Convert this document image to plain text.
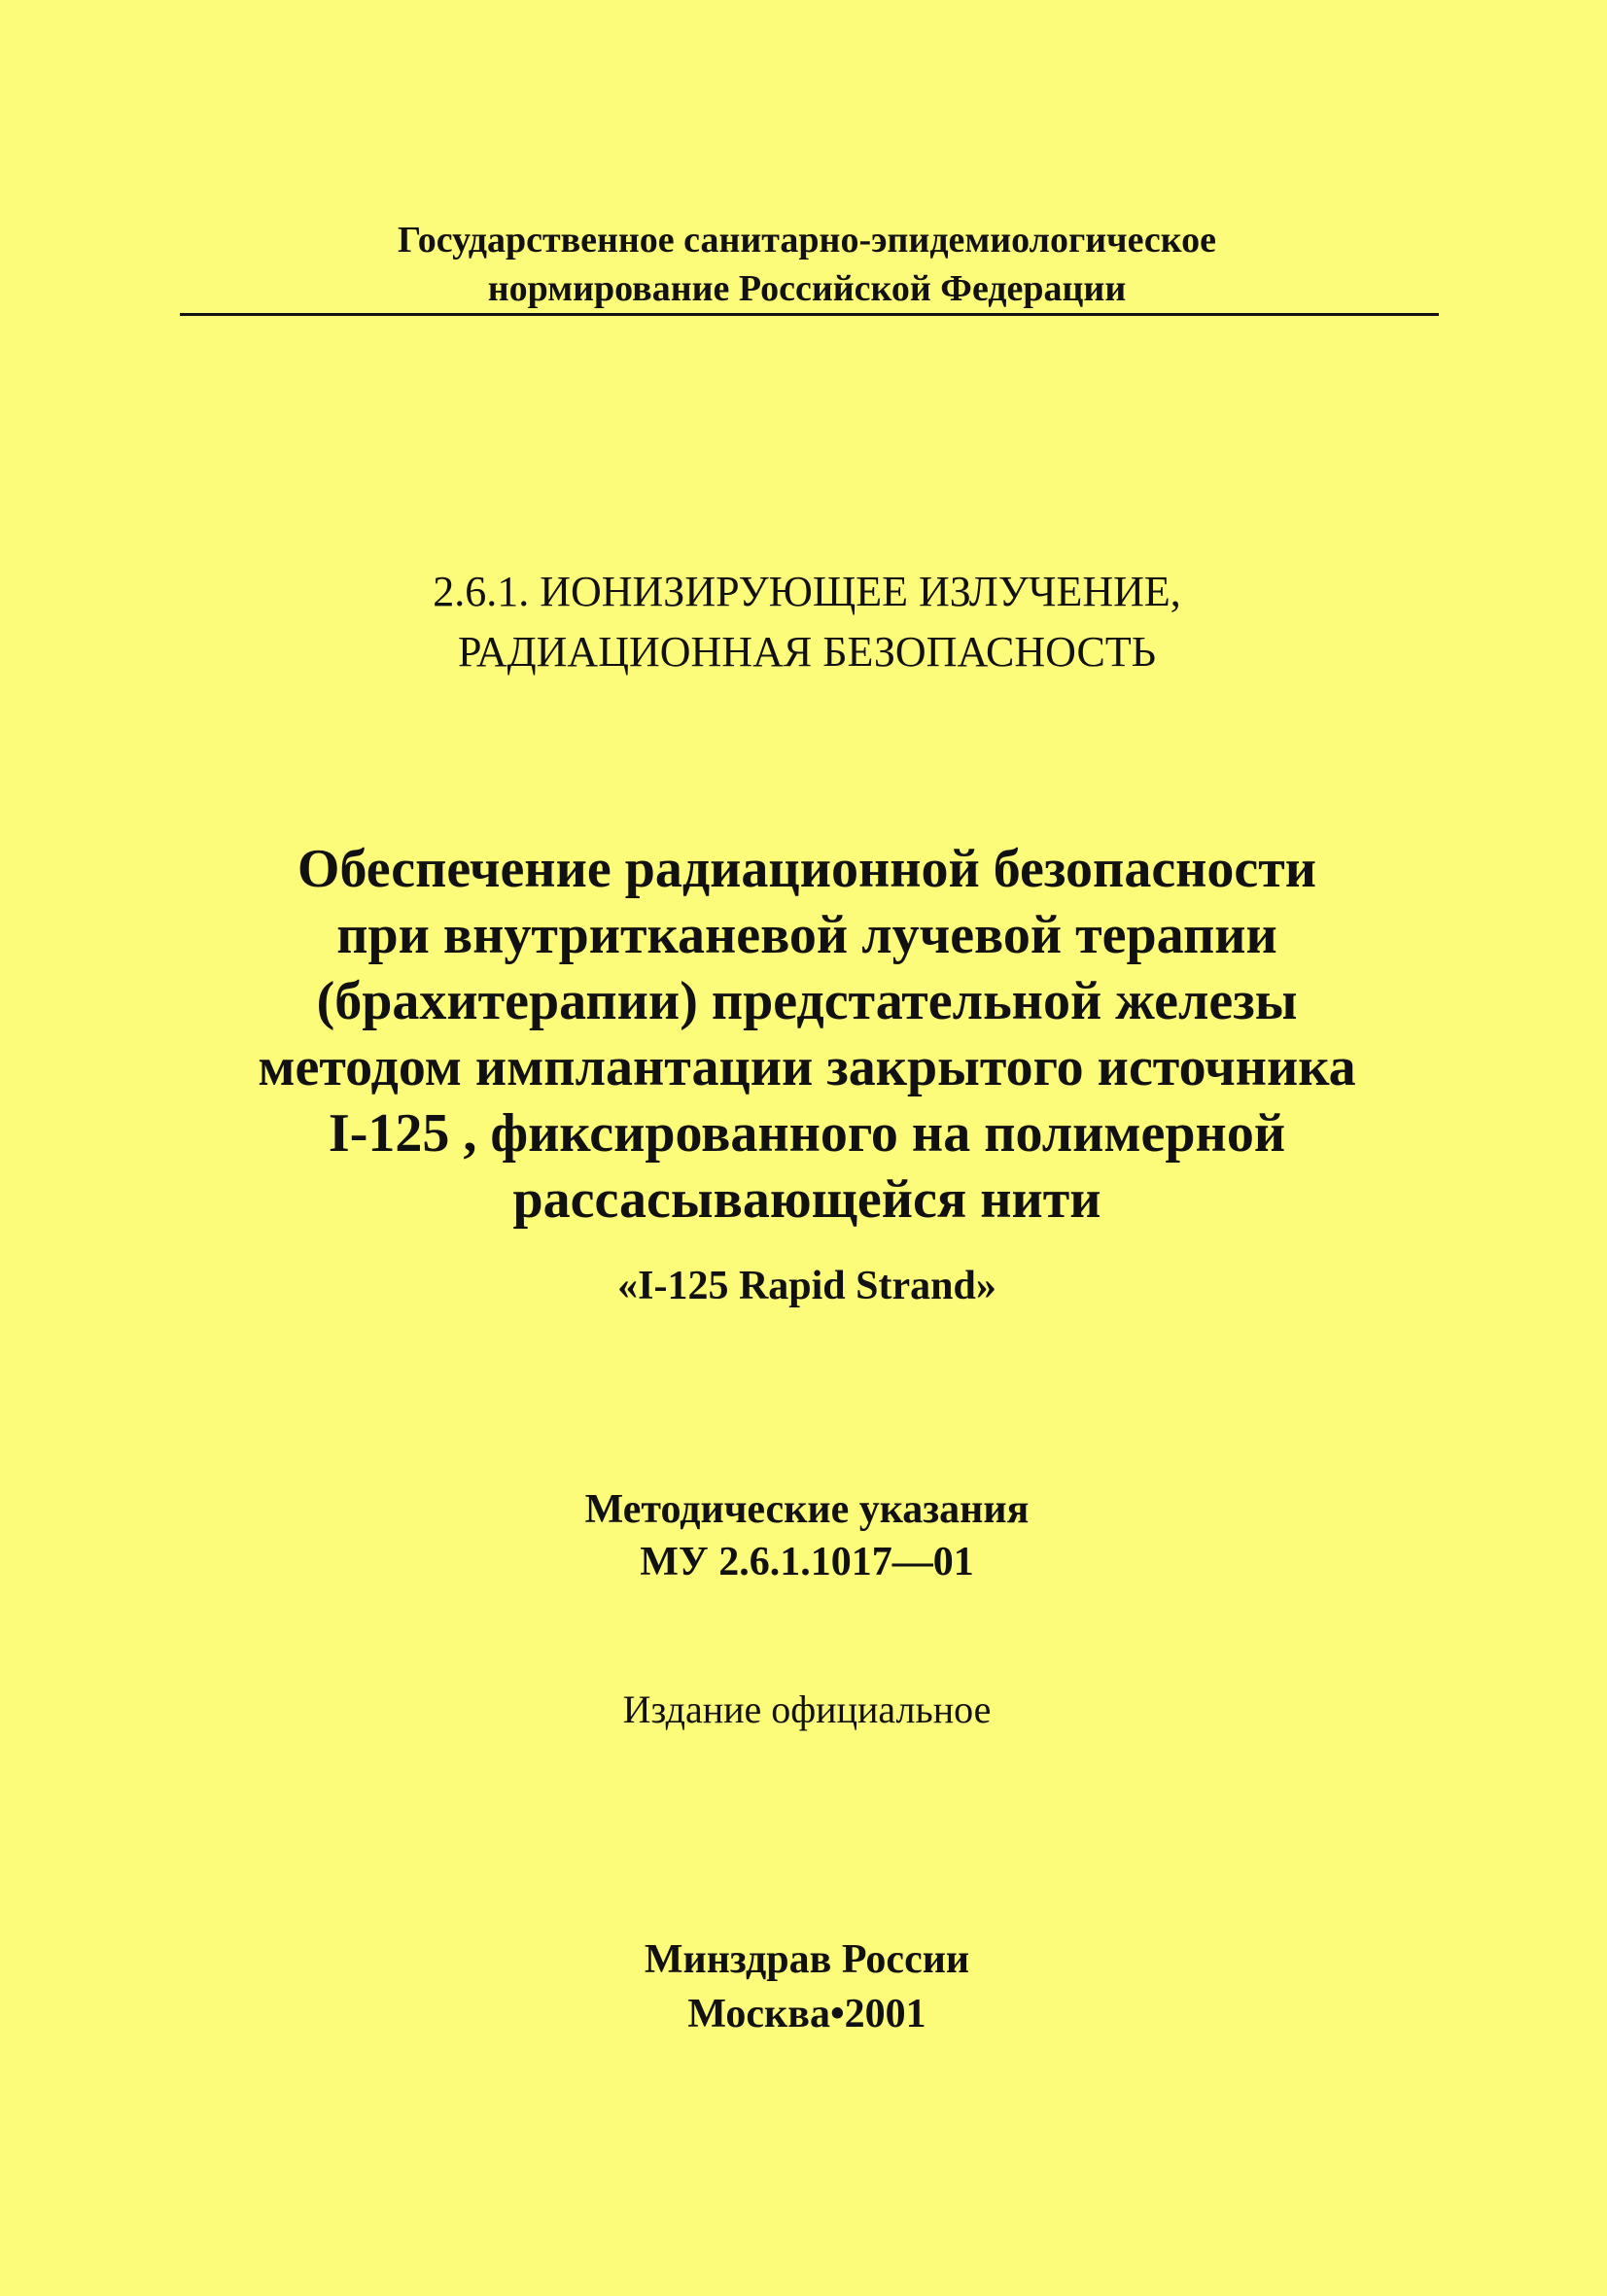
Государственное санитарно-эпидемиологическое
нормирование Российской Федерации
2.6.1. ИОНИЗИРУЮЩЕЕ ИЗЛУЧЕНИЕ,
РАДИАЦИОННАЯ БЕЗОПАСНОСТЬ
Обеспечение радиационной безопасности
при внутритканевой лучевой терапии
(брахитерапии) предстательной железы
методом имплантации закрытого источника
I-125 , фиксированного на полимерной
рассасывающейся нити
«I-125 Rapid Strand»
Методические указания
МУ 2.6.1.1017—01
Издание официальное
Минздрав России
Москва•2001
